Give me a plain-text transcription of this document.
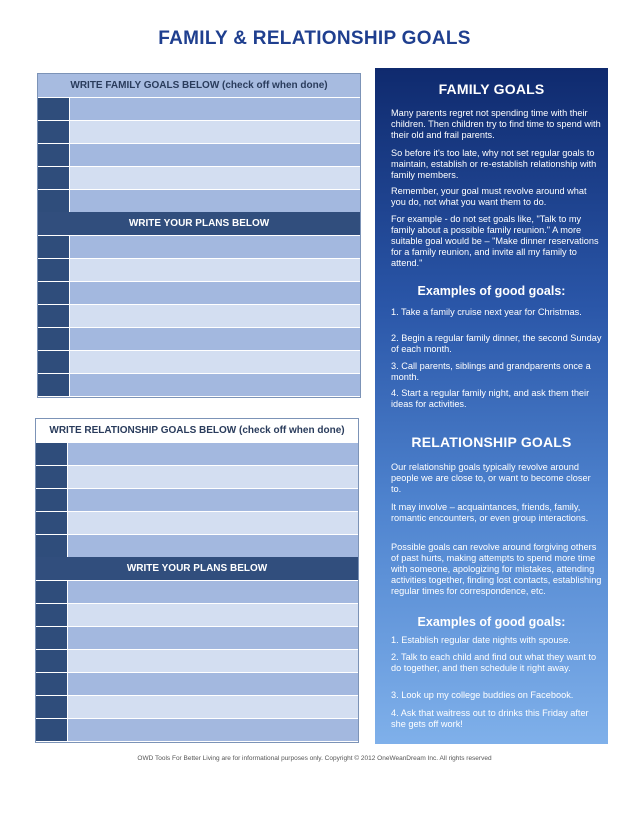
FAMILY & RELATIONSHIP GOALS
WRITE FAMILY GOALS BELOW (check off when done)
WRITE YOUR PLANS BELOW
WRITE RELATIONSHIP GOALS BELOW (check off when done)
WRITE YOUR PLANS BELOW
FAMILY GOALS

Many parents regret not spending time with their children. Then children try to find time to spend with their old and frail parents.

So before it's too late, why not set regular goals to maintain, establish or re-establish relationship with family members.

Remember, your goal must revolve around what you do, not what you want them to do.

For example - do not set goals like, "Talk to my family about a possible family reunion." A more suitable goal would be – "Make dinner reservations for a family reunion, and invite all my family to attend."

Examples of good goals:

1. Take a family cruise next year for Christmas.

2. Begin a regular family dinner, the second Sunday of each month.

3. Call parents, siblings and grandparents once a month.

4. Start a regular family night, and ask them their ideas for activities.

RELATIONSHIP GOALS

Our relationship goals typically revolve around people we are close to, or want to become closer to.

It may involve – acquaintances, friends, family, romantic encounters, or even group interactions.

Possible goals can revolve around forgiving others of past hurts, making attempts to spend more time with someone, apologizing for mistakes, attending activities together, finding lost contacts, establishing regular times for correspondence, etc.

Examples of good goals:

1. Establish regular date nights with spouse.

2. Talk to each child and find out what they want to do together, and then schedule it right away.

3. Look up my college buddies on Facebook.

4. Ask that waitress out to drinks this Friday after she gets off work!

OWD Tools For Better Living are for informational purposes only. Copyright © 2012 OneWeanDream Inc. All rights reserved
